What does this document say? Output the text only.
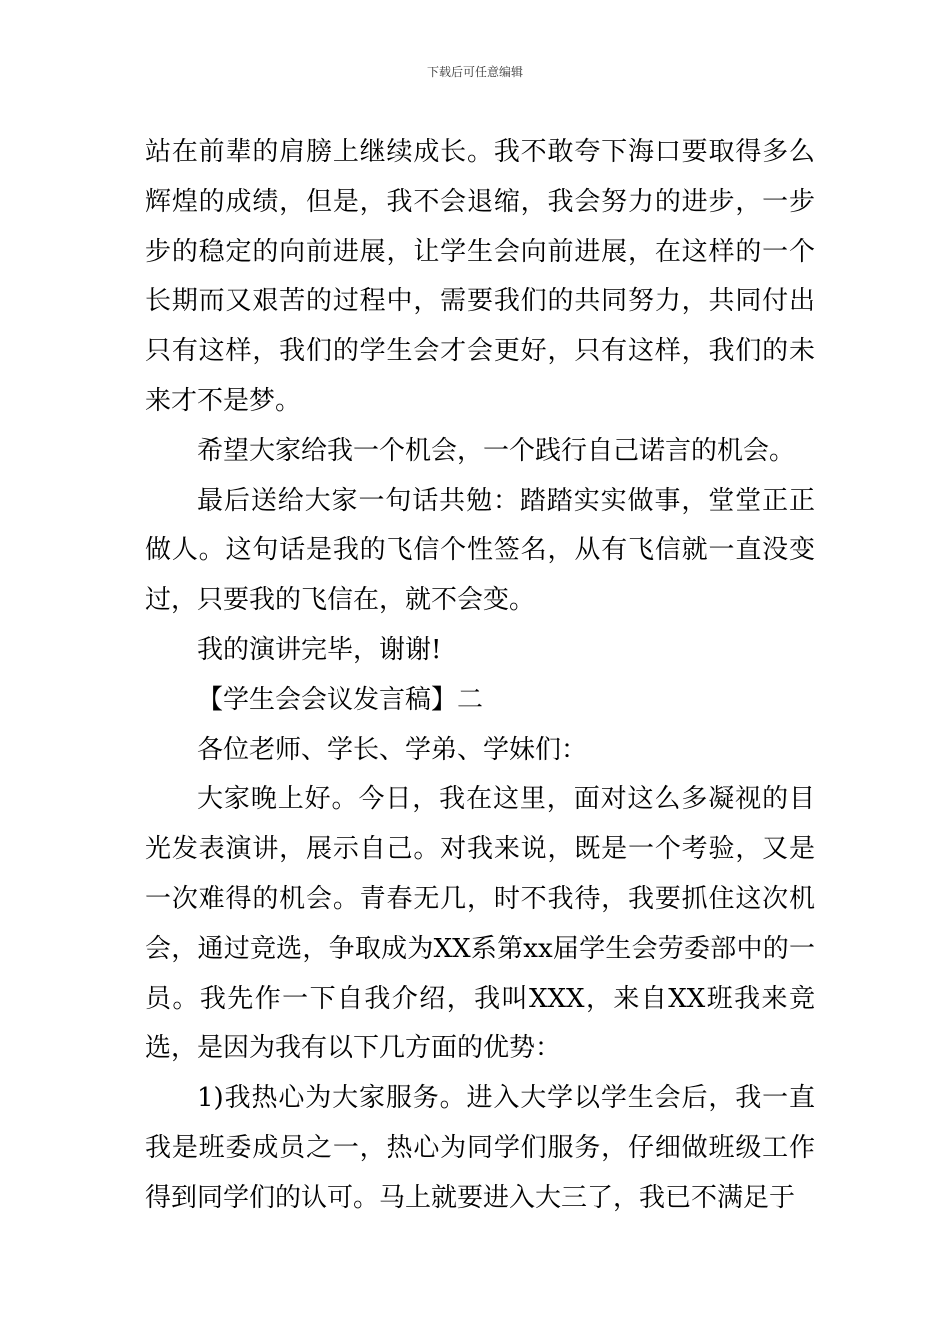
下载后可任意编辑

站在前辈的肩膀上继续成长。我不敢夸下海口要取得多么辉煌的成绩，但是，我不会退缩，我会努力的进步，一步步的稳定的向前进展，让学生会向前进展，在这样的一个长期而又艰苦的过程中，需要我们的共同努力，共同付出只有这样，我们的学生会才会更好，只有这样，我们的未来才不是梦。

希望大家给我一个机会，一个践行自己诺言的机会。

最后送给大家一句话共勉：踏踏实实做事，堂堂正正做人。这句话是我的飞信个性签名，从有飞信就一直没变过，只要我的飞信在，就不会变。

我的演讲完毕，谢谢!

【学生会会议发言稿】二

各位老师、学长、学弟、学妹们：

大家晚上好。今日，我在这里，面对这么多凝视的目光发表演讲，展示自己。对我来说，既是一个考验，又是一次难得的机会。青春无几，时不我待，我要抓住这次机会，通过竞选，争取成为XX系第xx届学生会劳委部中的一员。我先作一下自我介绍，我叫XXX，来自XX班我来竞选，是因为我有以下几方面的优势：

1)我热心为大家服务。进入大学以学生会后，我一直我是班委成员之一，热心为同学们服务，仔细做班级工作得到同学们的认可。马上就要进入大三了，我已不满足于
